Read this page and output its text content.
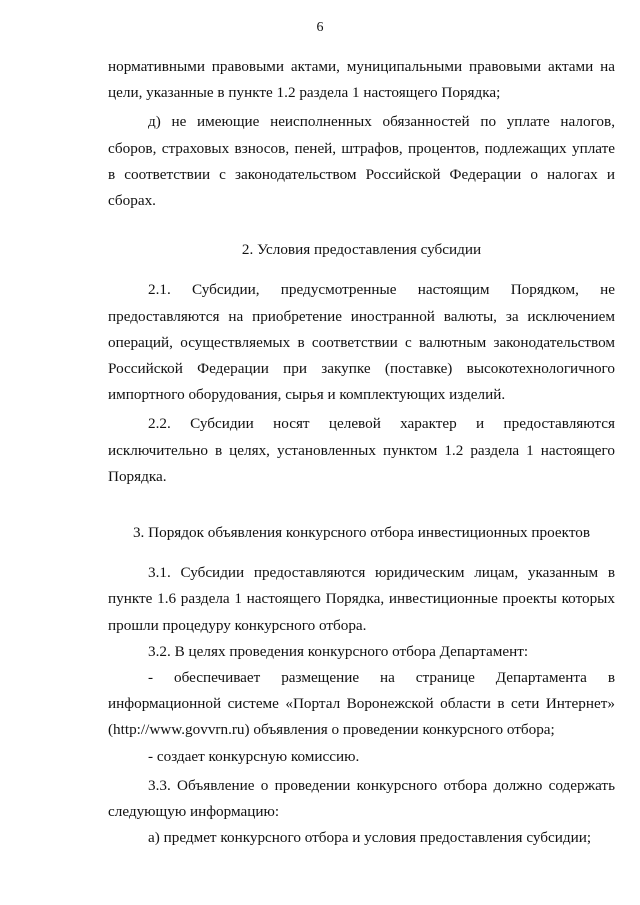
6

нормативными правовыми актами, муниципальными правовыми актами на цели, указанные в пункте 1.2 раздела 1 настоящего Порядка;

д) не имеющие неисполненных обязанностей по уплате налогов, сборов, страховых взносов, пеней, штрафов, процентов, подлежащих уплате в соответствии с законодательством Российской Федерации о налогах и сборах.

2. Условия предоставления субсидии

2.1. Субсидии, предусмотренные настоящим Порядком, не предоставляются на приобретение иностранной валюты, за исключением операций, осуществляемых в соответствии с валютным законодательством Российской Федерации при закупке (поставке) высокотехнологичного импортного оборудования, сырья и комплектующих изделий.

2.2. Субсидии носят целевой характер и предоставляются исключительно в целях, установленных пунктом 1.2 раздела 1 настоящего Порядка.

3. Порядок объявления конкурсного отбора инвестиционных проектов

3.1. Субсидии предоставляются юридическим лицам, указанным в пункте 1.6 раздела 1 настоящего Порядка, инвестиционные проекты которых прошли процедуру конкурсного отбора.

3.2. В целях проведения конкурсного отбора Департамент:

- обеспечивает размещение на странице Департамента в информационной системе «Портал Воронежской области в сети Интернет» (http://www.govvrn.ru) объявления о проведении конкурсного отбора;

- создает конкурсную комиссию.

3.3. Объявление о проведении конкурсного отбора должно содержать следующую информацию:

а) предмет конкурсного отбора и условия предоставления субсидии;
